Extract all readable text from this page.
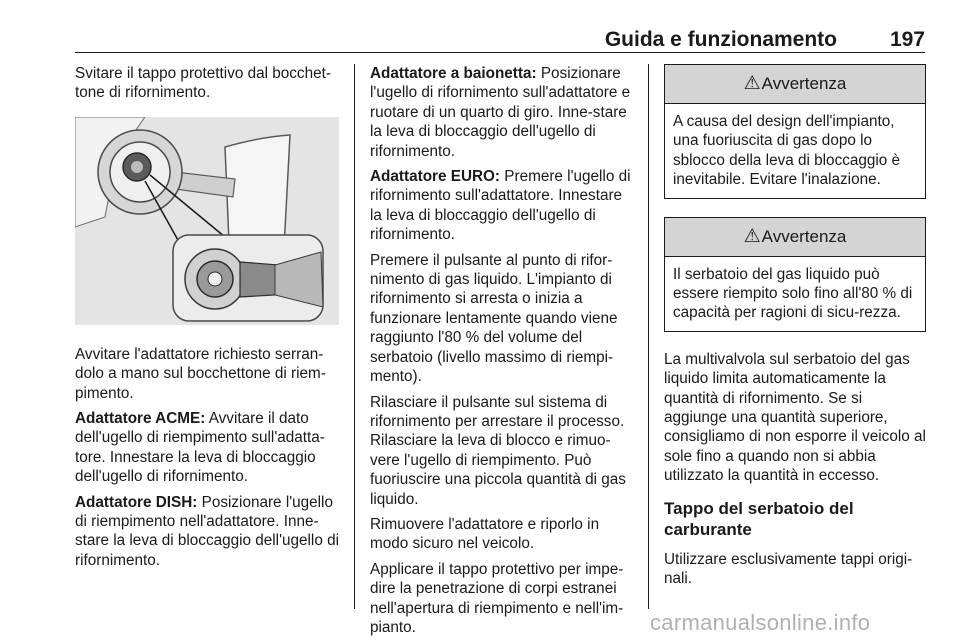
Guida e funzionamento	197

Svitare il tappo protettivo dal bocchet-tone di rifornimento.

Avvitare l'adattatore richiesto serran-dolo a mano sul bocchettone di riem-pimento.

Adattatore ACME: Avvitare il dato dell'ugello di riempimento sull'adatta-tore. Innestare la leva di bloccaggio dell'ugello di rifornimento.

Adattatore DISH: Posizionare l'ugello di riempimento nell'adattatore. Inne-stare la leva di bloccaggio dell'ugello di rifornimento.

Adattatore a baionetta: Posizionare l'ugello di rifornimento sull'adattatore e ruotare di un quarto di giro. Inne-stare la leva di bloccaggio dell'ugello di rifornimento.

Adattatore EURO: Premere l'ugello di rifornimento sull'adattatore. Innestare la leva di bloccaggio dell'ugello di rifornimento.

Premere il pulsante al punto di rifor-nimento di gas liquido. L'impianto di rifornimento si arresta o inizia a funzionare lentamente quando viene raggiunto l'80 % del volume del serbatoio (livello massimo di riempi-mento).

Rilasciare il pulsante sul sistema di rifornimento per arrestare il processo. Rilasciare la leva di blocco e rimuo-vere l'ugello di riempimento. Può fuoriuscire una piccola quantità di gas liquido.

Rimuovere l'adattatore e riporlo in modo sicuro nel veicolo.

Applicare il tappo protettivo per impe-dire la penetrazione di corpi estranei nell'apertura di riempimento e nell'im-pianto.

⚠ Avvertenza
A causa del design dell'impianto, una fuoriuscita di gas dopo lo sblocco della leva di bloccaggio è inevitabile. Evitare l'inalazione.
⚠ Avvertenza
Il serbatoio del gas liquido può essere riempito solo fino all'80 % di capacità per ragioni di sicu-rezza.

La multivalvola sul serbatoio del gas liquido limita automaticamente la quantità di rifornimento. Se si aggiunge una quantità superiore, consigliamo di non esporre il veicolo al sole fino a quando non si abbia utilizzato la quantità in eccesso.

Tappo del serbatoio del carburante

Utilizzare esclusivamente tappi origi-nali.

carmanualsonline.info
